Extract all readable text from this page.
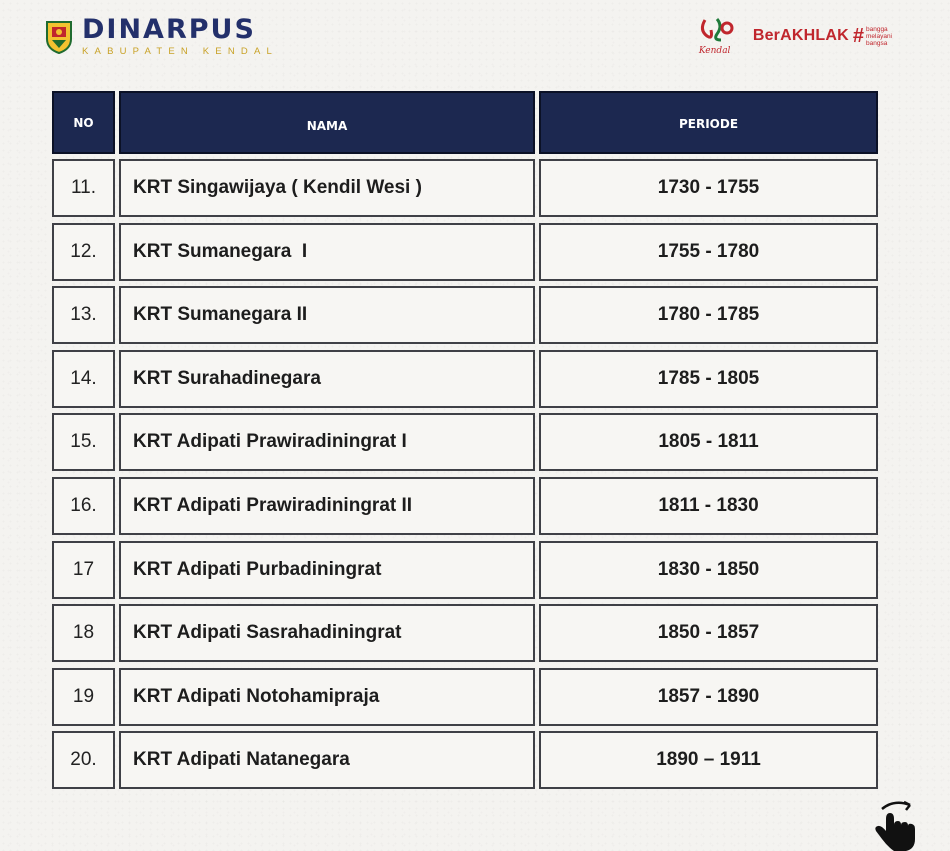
DINARPUS
KABUPATEN KENDAL	Kendal
BerAKHLAK # bangga
melayani
bangsa
NO	NAMA	PERIODE
11.	KRT Singawijaya ( Kendil Wesi )	1730 - 1755
12.	KRT Sumanegara  I	1755 - 1780
13.	KRT Sumanegara II	1780 - 1785
14.	KRT Surahadinegara	1785 - 1805
15.	KRT Adipati Prawiradiningrat I	1805 - 1811
16.	KRT Adipati Prawiradiningrat II	1811 - 1830
17	KRT Adipati Purbadiningrat	1830 - 1850
18	KRT Adipati Sasrahadiningrat	1850 - 1857
19	KRT Adipati Notohamipraja	1857 - 1890
20.	KRT Adipati Natanegara	1890 – 1911
